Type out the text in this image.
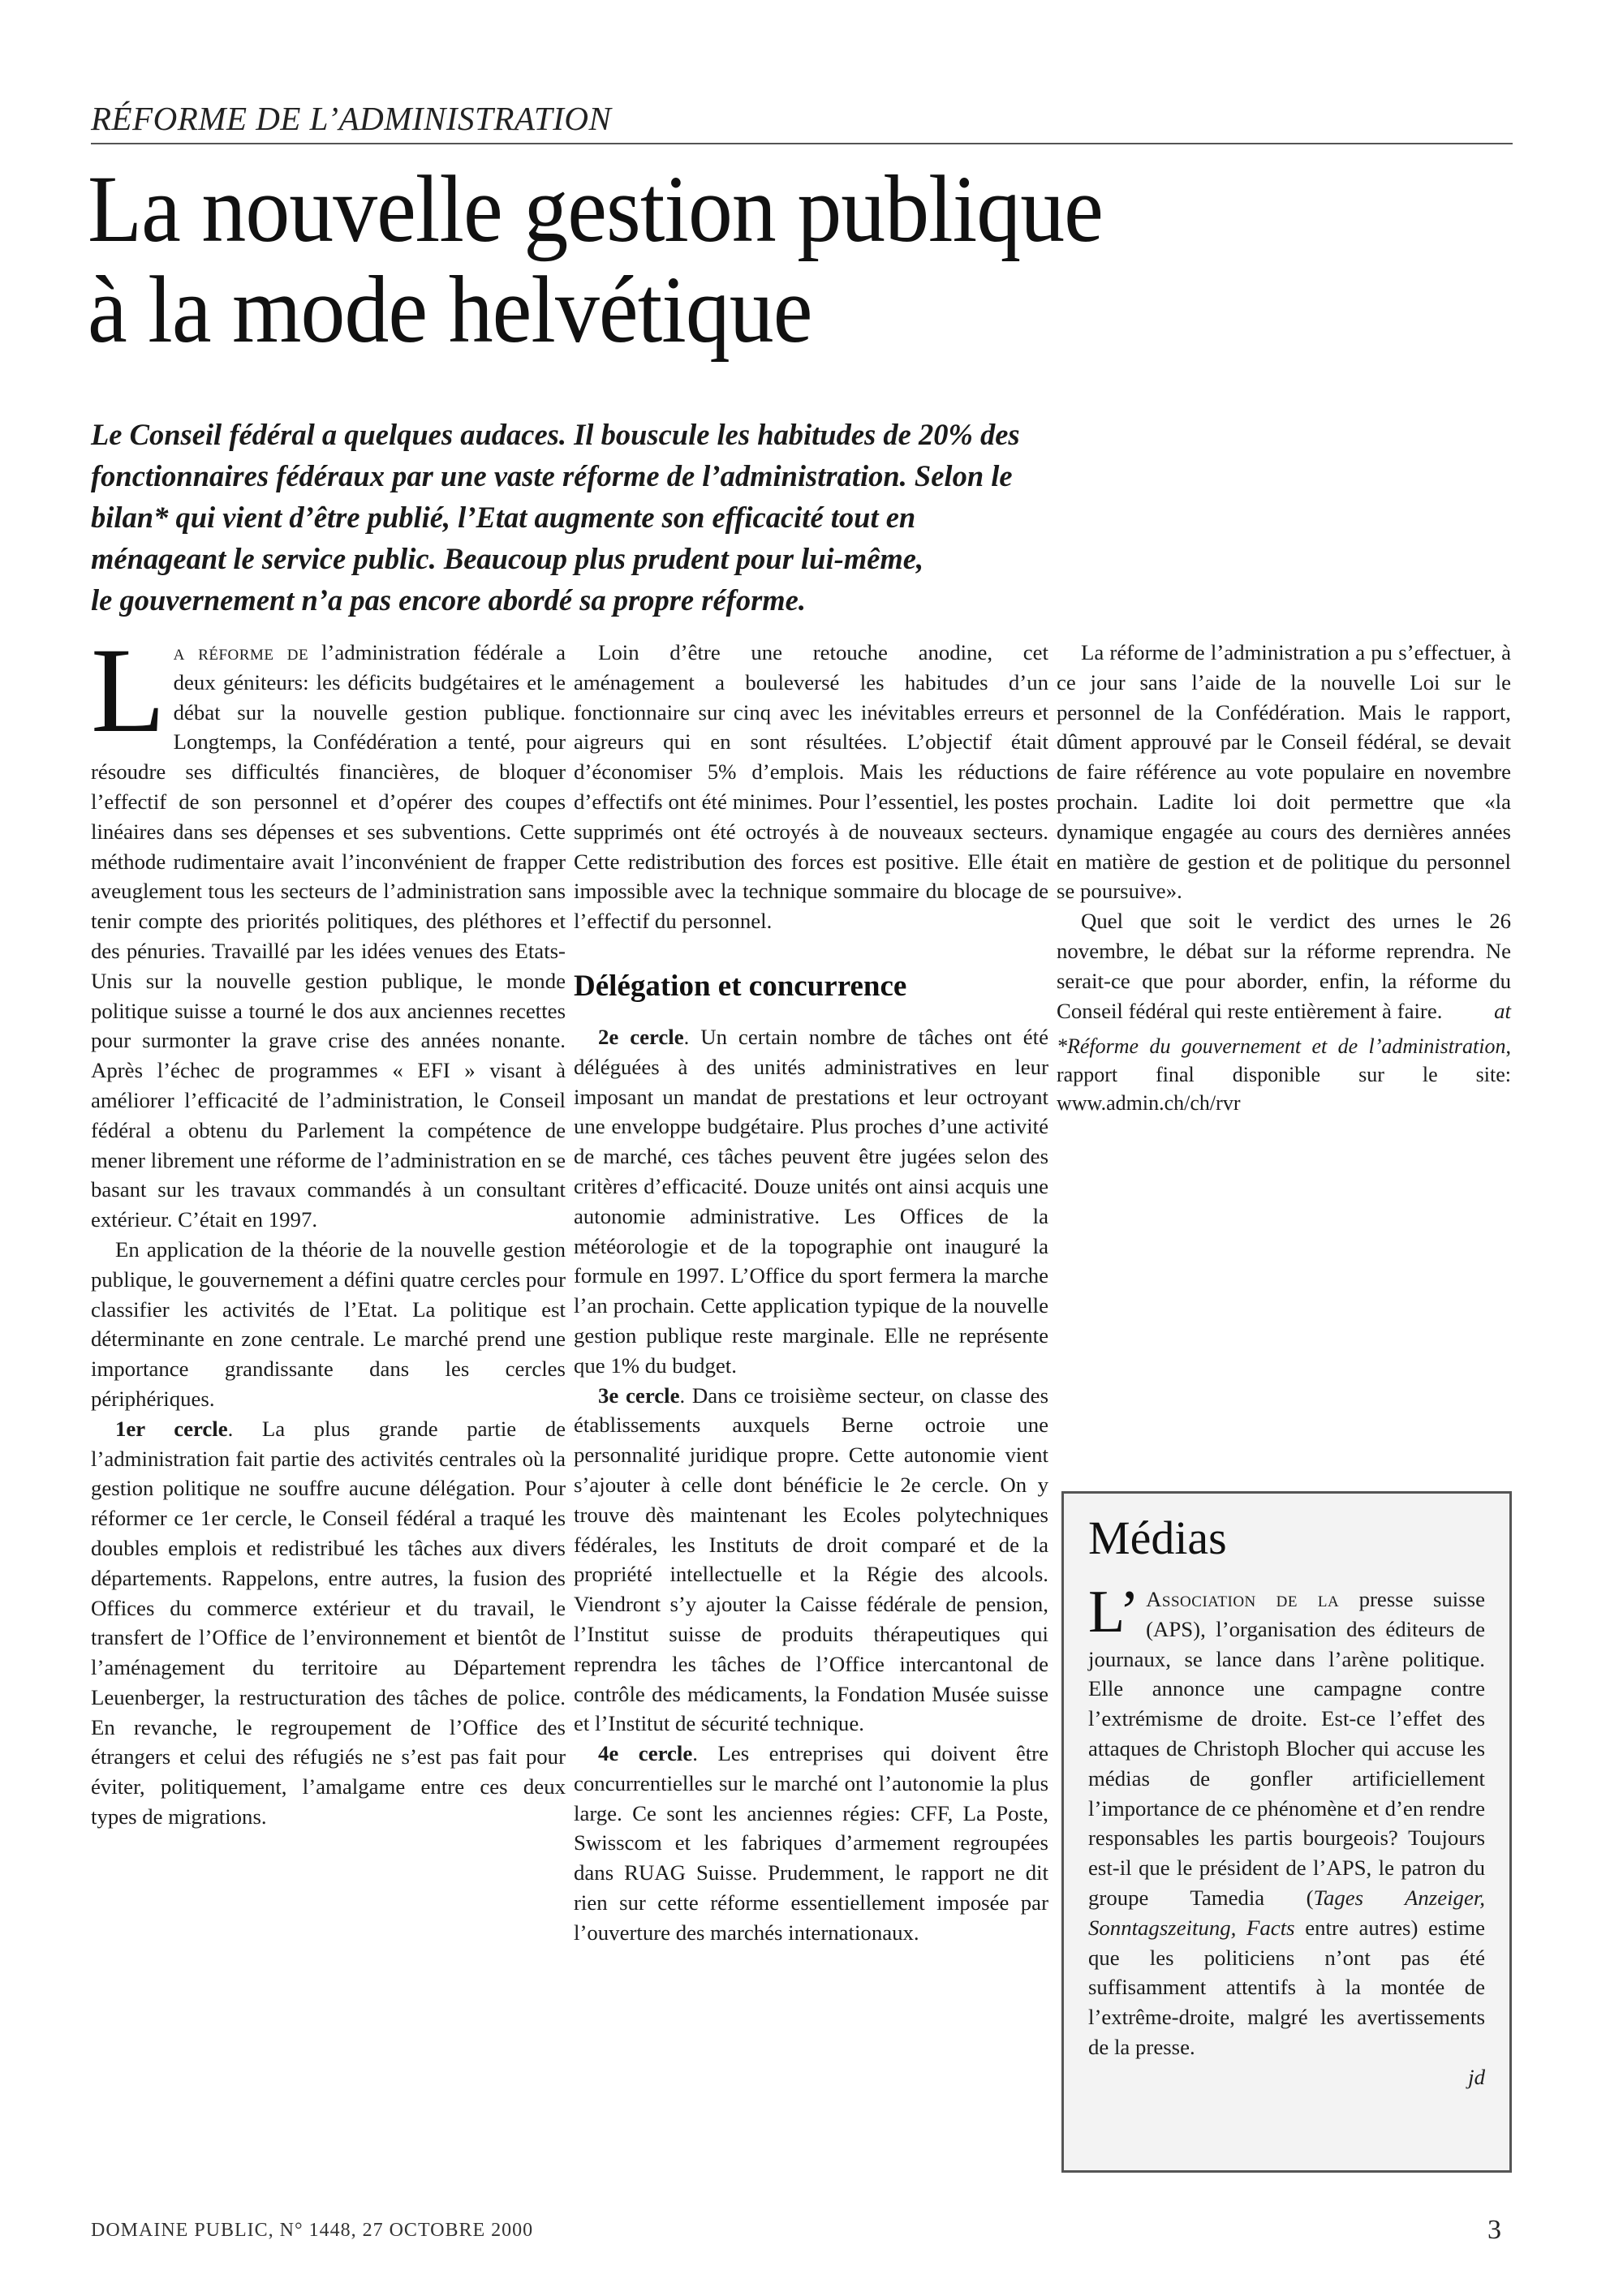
RÉFORME DE L’ADMINISTRATION
La nouvelle gestion publique
à la mode helvétique
Le Conseil fédéral a quelques audaces. Il bouscule les habitudes de 20% des
fonctionnaires fédéraux par une vaste réforme de l’administration. Selon le
bilan* qui vient d’être publié, l’Etat augmente son efficacité tout en
ménageant le service public. Beaucoup plus prudent pour lui-même,
le gouvernement n’a pas encore abordé sa propre réforme.

La réforme de l’administration fédérale a deux géniteurs: les déficits budgétaires et le débat sur la nouvelle gestion publique. Longtemps, la Confédération a tenté, pour résoudre ses difficultés financières, de bloquer l’effectif de son personnel et d’opérer des coupes linéaires dans ses dépenses et ses subventions. Cette méthode rudimentaire avait l’inconvénient de frapper aveuglement tous les secteurs de l’administration sans tenir compte des priorités politiques, des pléthores et des pénuries. Travaillé par les idées venues des Etats-Unis sur la nouvelle gestion publique, le monde politique suisse a tourné le dos aux anciennes recettes pour surmonter la grave crise des années nonante. Après l’échec de programmes « EFI » visant à améliorer l’efficacité de l’administration, le Conseil fédéral a obtenu du Parlement la compétence de mener librement une réforme de l’administration en se basant sur les travaux commandés à un consultant extérieur. C’était en 1997.

En application de la théorie de la nouvelle gestion publique, le gouvernement a défini quatre cercles pour classifier les activités de l’Etat. La politique est déterminante en zone centrale. Le marché prend une importance grandissante dans les cercles périphériques.

1er cercle. La plus grande partie de l’administration fait partie des activités centrales où la gestion politique ne souffre aucune délégation. Pour réformer ce 1er cercle, le Conseil fédéral a traqué les doubles emplois et redistribué les tâches aux divers départements. Rappelons, entre autres, la fusion des Offices du commerce extérieur et du travail, le transfert de l’Office de l’environnement et bientôt de l’aménagement du territoire au Département Leuenberger, la restructuration des tâches de police. En revanche, le regroupement de l’Office des étrangers et celui des réfugiés ne s’est pas fait pour éviter, politiquement, l’amalgame entre ces deux types de migrations.

Loin d’être une retouche anodine, cet aménagement a bouleversé les habitudes d’un fonctionnaire sur cinq avec les inévitables erreurs et aigreurs qui en sont résultées. L’objectif était d’économiser 5% d’emplois. Mais les réductions d’effectifs ont été minimes. Pour l’essentiel, les postes supprimés ont été octroyés à de nouveaux secteurs. Cette redistribution des forces est positive. Elle était impossible avec la technique sommaire du blocage de l’effectif du personnel.

Délégation et concurrence

2e cercle. Un certain nombre de tâches ont été déléguées à des unités administratives en leur imposant un mandat de prestations et leur octroyant une enveloppe budgétaire. Plus proches d’une activité de marché, ces tâches peuvent être jugées selon des critères d’efficacité. Douze unités ont ainsi acquis une autonomie administrative. Les Offices de la météorologie et de la topographie ont inauguré la formule en 1997. L’Office du sport fermera la marche l’an prochain. Cette application typique de la nouvelle gestion publique reste marginale. Elle ne représente que 1% du budget.

3e cercle. Dans ce troisième secteur, on classe des établissements auxquels Berne octroie une personnalité juridique propre. Cette autonomie vient s’ajouter à celle dont bénéficie le 2e cercle. On y trouve dès maintenant les Ecoles polytechniques fédérales, les Instituts de droit comparé et de la propriété intellectuelle et la Régie des alcools. Viendront s’y ajouter la Caisse fédérale de pension, l’Institut suisse de produits thérapeutiques qui reprendra les tâches de l’Office intercantonal de contrôle des médicaments, la Fondation Musée suisse et l’Institut de sécurité technique.

4e cercle. Les entreprises qui doivent être concurrentielles sur le marché ont l’autonomie la plus large. Ce sont les anciennes régies: CFF, La Poste, Swisscom et les fabriques d’armement regroupées dans RUAG Suisse. Prudemment, le rapport ne dit rien sur cette réforme essentiellement imposée par l’ouverture des marchés internationaux.

La réforme de l’administration a pu s’effectuer, à ce jour sans l’aide de la nouvelle Loi sur le personnel de la Confédération. Mais le rapport, dûment approuvé par le Conseil fédéral, se devait de faire référence au vote populaire en novembre prochain. Ladite loi doit permettre que «la dynamique engagée au cours des dernières années en matière de gestion et de politique du personnel se poursuive».

Quel que soit le verdict des urnes le 26 novembre, le débat sur la réforme reprendra. Ne serait-ce que pour aborder, enfin, la réforme du Conseil fédéral qui reste entièrement à faire.	at

*Réforme du gouvernement et de l’administration, rapport final disponible sur le site: www.admin.ch/ch/rvr

Médias

L’ Association de la presse suisse (APS), l’organisation des éditeurs de journaux, se lance dans l’arène politique. Elle annonce une campagne contre l’extrémisme de droite. Est-ce l’effet des attaques de Christoph Blocher qui accuse les médias de gonfler artificiellement l’importance de ce phénomène et d’en rendre responsables les partis bourgeois? Toujours est-il que le président de l’APS, le patron du groupe Tamedia (Tages Anzeiger, Sonntagszeitung, Facts entre autres) estime que les politiciens n’ont pas été suffisamment attentifs à la montée de l’extrême-droite, malgré les avertissements de la presse.

jd

DOMAINE PUBLIC, N° 1448, 27 OCTOBRE 2000	3
